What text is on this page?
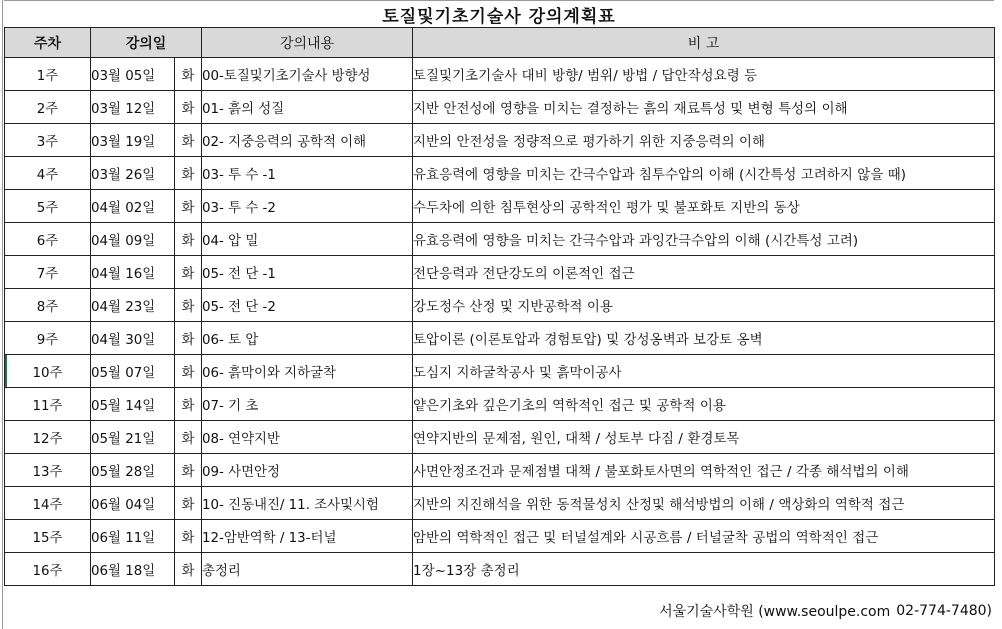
토질및기초기술사 강의계획표
주차	강의일		강의내용	비 고
1주	03월 05일	화	00-토질및기초기술사 방향성	토질및기초기술사 대비 방향/ 범위/ 방법 / 답안작성요령 등
2주	03월 12일	화	01- 흙의 성질	지반 안전성에 영향을 미치는 결정하는 흙의 재료특성 및 변형 특성의 이해
3주	03월 19일	화	02- 지중응력의 공학적 이해	지반의 안전성을 정량적으로 평가하기 위한 지중응력의 이해
4주	03월 26일	화	03- 투 수 -1	유효응력에 영향을 미치는 간극수압과 침투수압의 이해 (시간특성 고려하지 않을 때)
5주	04월 02일	화	03- 투 수 -2	수두차에 의한 침투현상의 공학적인 평가 및 불포화토 지반의 동상
6주	04월 09일	화	04- 압 밀	유효응력에 영향을 미치는 간극수압과 과잉간극수압의 이해 (시간특성 고려)
7주	04월 16일	화	05- 전 단 -1	전단응력과 전단강도의 이론적인 접근
8주	04월 23일	화	05- 전 단 -2	강도정수 산정 및 지반공학적 이용
9주	04월 30일	화	06- 토 압	토압이론 (이론토압과 경험토압) 및 강성옹벽과 보강토 옹벽
10주	05월 07일	화	06- 흙막이와 지하굴착	도심지 지하굴착공사 및 흙막이공사
11주	05월 14일	화	07- 기 초	얕은기초와 깊은기초의 역학적인 접근 및 공학적 이용
12주	05월 21일	화	08- 연약지반	연약지반의 문제점, 원인, 대책 / 성토부 다짐 / 환경토목
13주	05월 28일	화	09- 사면안정	사면안정조건과 문제점별 대책 / 불포화토사면의 역학적인 접근 / 각종 해석법의 이해
14주	06월 04일	화	10- 진동내진/ 11. 조사및시험	지반의 지진해석을 위한 동적물성치 산정및 해석방법의 이해 / 액상화의 역학적 접근
15주	06월 11일	화	12-암반역학 / 13-터널	암반의 역학적인 접근 및 터널설계와 시공흐름 / 터널굴착 공법의 역학적인 접근
16주	06월 18일	화	총정리	1장~13장 총정리
서울기술사학원 (www.seoulpe.com 02-774-7480)
